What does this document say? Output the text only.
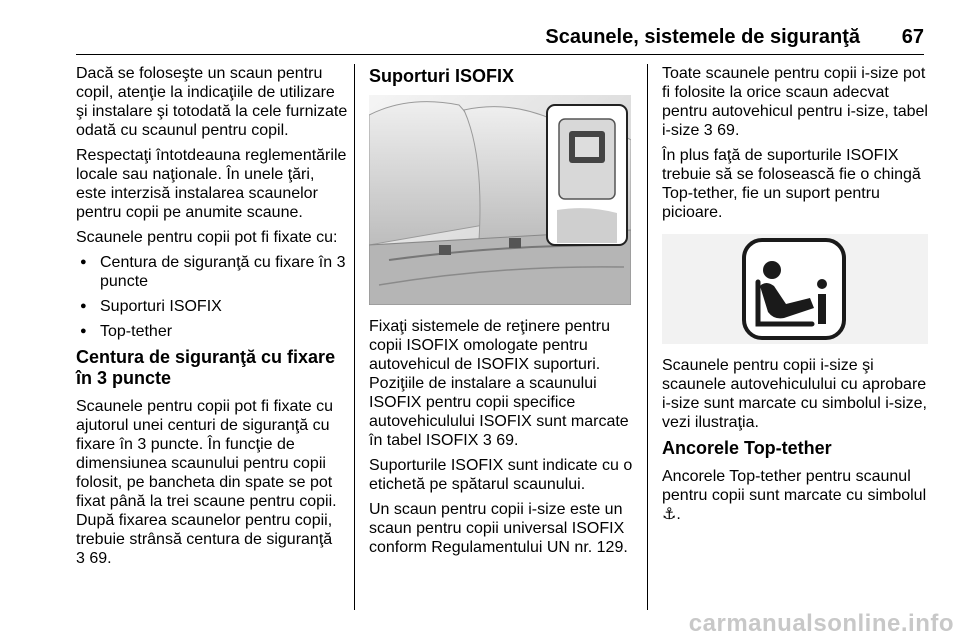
Scaunele, sistemele de siguranţă 67

Dacă se foloseşte un scaun pentru copil, atenţie la indicaţiile de utilizare şi instalare şi totodată la cele furnizate odată cu scaunul pentru copil.

Respectaţi întotdeauna reglementările locale sau naţionale. În unele ţări, este interzisă instalarea scaunelor pentru copii pe anumite scaune.

Scaunele pentru copii pot fi fixate cu:

● Centura de siguranţă cu fixare în 3 puncte
● Suporturi ISOFIX
● Top-tether
Centura de siguranţă cu fixare în 3 puncte

Scaunele pentru copii pot fi fixate cu ajutorul unei centuri de siguranţă cu fixare în 3 puncte. În funcţie de dimensiunea scaunului pentru copii folosit, pe bancheta din spate se pot fixat până la trei scaune pentru copii. După fixarea scaunelor pentru copii, trebuie strânsă centura de siguranţă
3 69.

Suporturi ISOFIX

Fixaţi sistemele de reţinere pentru copii ISOFIX omologate pentru autovehicul de ISOFIX suporturi. Poziţiile de instalare a scaunului ISOFIX pentru copii specifice autovehiculului ISOFIX sunt marcate în tabel ISOFIX 3 69.

Suporturile ISOFIX sunt indicate cu o etichetă pe spătarul scaunului.

Un scaun pentru copii i-size este un scaun pentru copii universal ISOFIX conform Regulamentului UN nr. 129.

Toate scaunele pentru copii i-size pot fi folosite la orice scaun adecvat pentru autovehicul pentru i-size, tabel i-size 3 69.

În plus faţă de suporturile ISOFIX trebuie să se folosească fie o chingă Top-tether, fie un suport pentru picioare.

Scaunele pentru copii i-size şi scaunele autovehiculului cu aprobare i-size sunt marcate cu simbolul i-size, vezi ilustraţia.

Ancorele Top-tether

Ancorele Top-tether pentru scaunul pentru copii sunt marcate cu simbolul ⚓︎.

carmanualsonline.info
